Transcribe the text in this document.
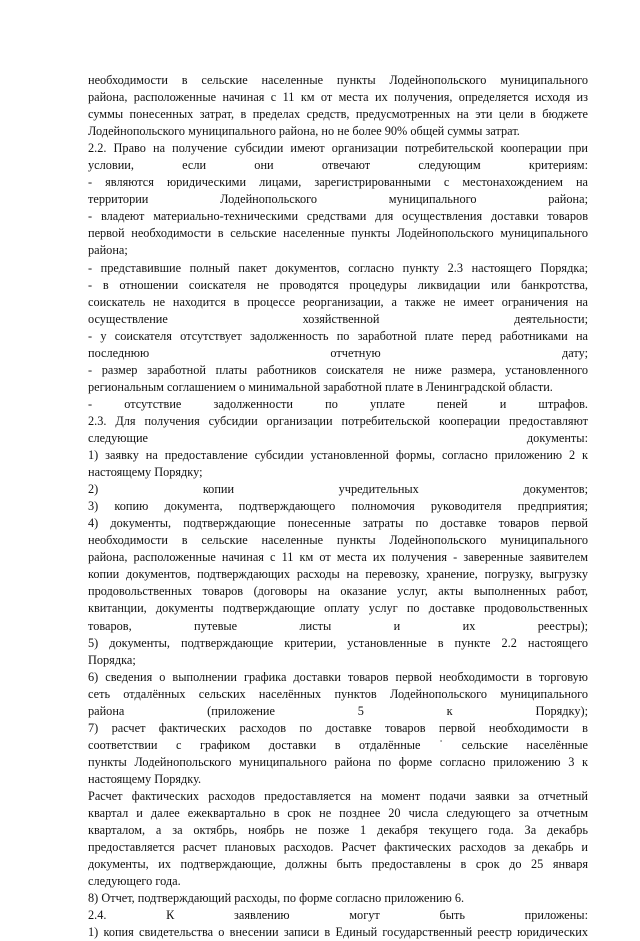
необходимости в сельские населенные пункты Лодейнопольского муниципального
района, расположенные начиная с 11 км от места их получения, определяется исходя из
суммы понесенных затрат, в пределах средств, предусмотренных на эти цели в бюджете
Лодейнопольского муниципального района, но не более 90% общей суммы затрат.
2.2. Право на получение субсидии имеют организации потребительской кооперации при
условии, если они отвечают следующим критериям:
- являются юридическими лицами, зарегистрированными с местонахождением на
территории Лодейнопольского муниципального района;
- владеют материально-техническими средствами для осуществления доставки товаров
первой необходимости в сельские населенные пункты Лодейнопольского муниципального
района;
- представившие полный пакет документов, согласно пункту 2.3 настоящего Порядка;
- в отношении соискателя не проводятся процедуры ликвидации или банкротства,
соискатель не находится в процессе реорганизации, а также не имеет ограничения на
осуществление хозяйственной деятельности;
- у соискателя отсутствует задолженность по заработной плате перед работниками на
последнюю отчетную дату;
- размер заработной платы работников соискателя не ниже размера, установленного
региональным соглашением о минимальной заработной плате в Ленинградской области.
- отсутствие задолженности по уплате пеней и штрафов.
2.3. Для получения субсидии организации потребительской кооперации предоставляют
следующие документы:
1) заявку на предоставление субсидии установленной формы, согласно приложению 2 к
настоящему Порядку;
2) копии учредительных документов;
3) копию документа, подтверждающего полномочия руководителя предприятия;
4) документы, подтверждающие понесенные затраты по доставке товаров первой
необходимости в сельские населенные пункты Лодейнопольского муниципального
района, расположенные начиная с 11 км от места их получения - заверенные заявителем
копии документов, подтверждающих расходы на перевозку, хранение, погрузку, выгрузку
продовольственных товаров (договоры на оказание услуг, акты выполненных работ,
квитанции, документы подтверждающие оплату услуг по доставке продовольственных
товаров, путевые листы и их реестры);
5) документы, подтверждающие критерии, установленные в пункте 2.2 настоящего
Порядка;
6) сведения о выполнении графика доставки товаров первой необходимости в торговую
сеть отдалённых сельских населённых пунктов Лодейнопольского муниципального
района (приложение 5 к Порядку);
7) расчет фактических расходов по доставке товаров первой необходимости в
соответствии с графиком доставки в отдалённые ˈ сельские населённые
пункты Лодейнопольского муниципального района по форме согласно приложению 3 к
настоящему Порядку.
Расчет фактических расходов предоставляется на момент подачи заявки за отчетный
квартал и далее ежеквартально в срок не позднее 20 числа следующего за отчетным
кварталом, а за октябрь, ноябрь не позже 1 декабря текущего года. За декабрь
предоставляется расчет плановых расходов. Расчет фактических расходов за декабрь и
документы, их подтверждающие, должны быть предоставлены в срок до 25 января
следующего года.
8) Отчет, подтверждающий расходы, по форме согласно приложению 6.
2.4. К заявлению могут быть приложены:
1) копия свидетельства о внесении записи в Единый государственный реестр юридических
